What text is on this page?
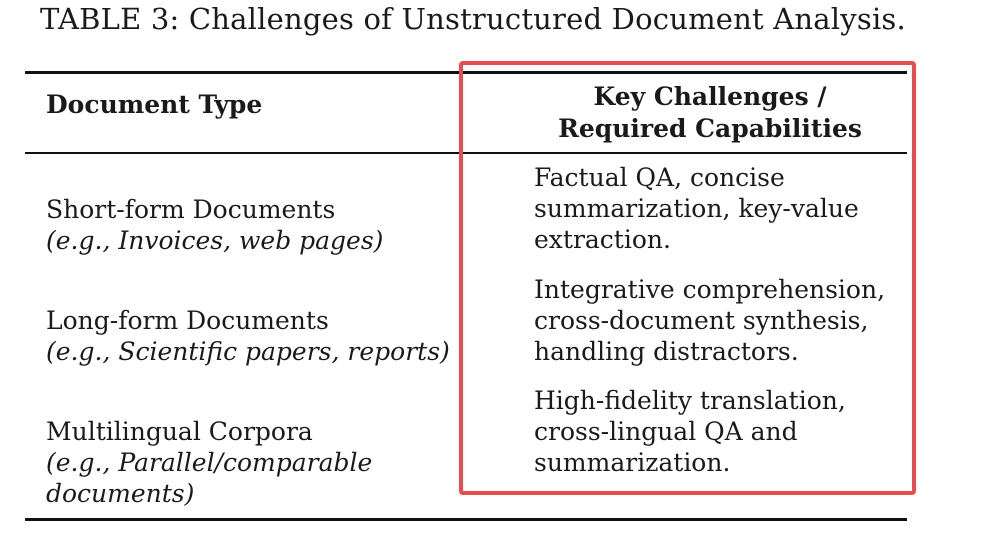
TABLE 3: Challenges of Unstructured Document Analysis.
Document Type	Key Challenges /
Required Capabilities
Short-form Documents
(e.g., Invoices, web pages)
Factual QA, concise
summarization, key-value
extraction.
Long-form Documents
(e.g., Scientific papers, reports)
Integrative comprehension,
cross-document synthesis,
handling distractors.
Multilingual Corpora
(e.g., Parallel/comparable
documents)
High-fidelity translation,
cross-lingual QA and
summarization.
